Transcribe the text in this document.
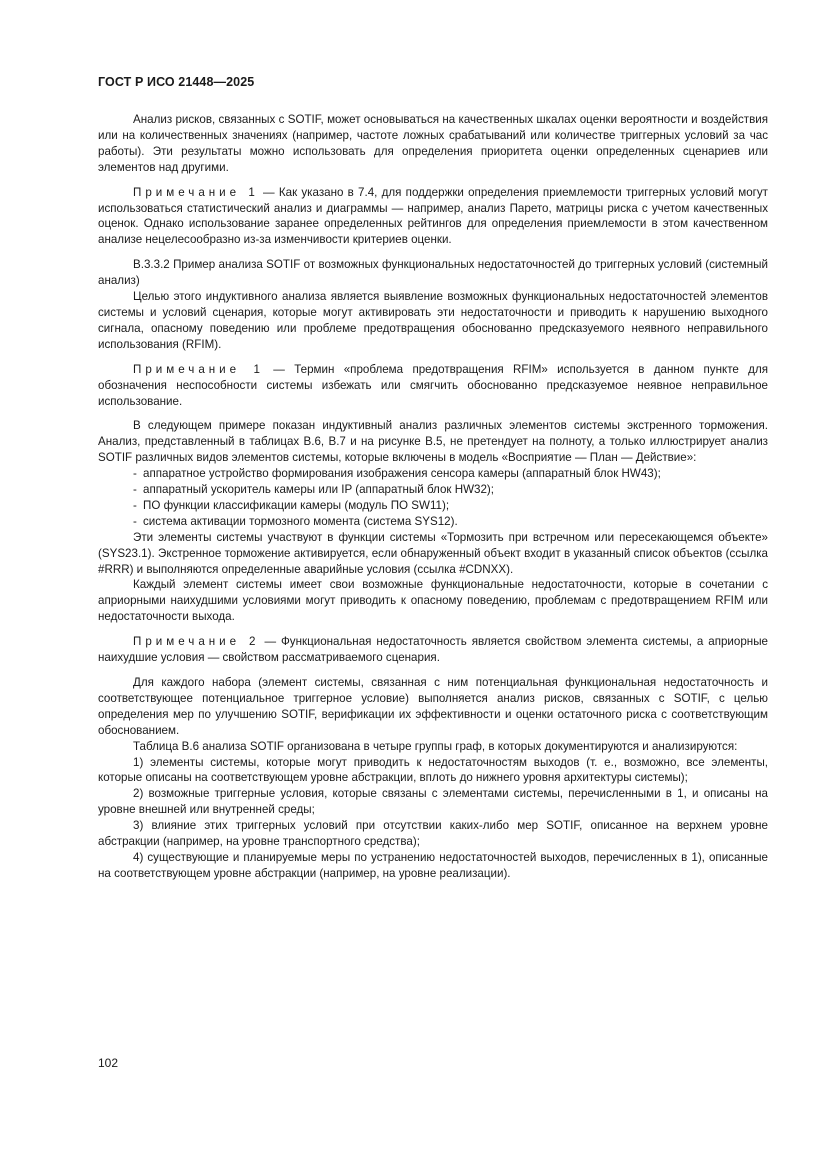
ГОСТ Р ИСО 21448—2025

Анализ рисков, связанных с SOTIF, может основываться на качественных шкалах оценки вероятности и воздействия или на количественных значениях (например, частоте ложных срабатываний или количестве триггерных условий за час работы). Эти результаты можно использовать для определения приоритета оценки определенных сценариев или элементов над другими.

Примечание 1 — Как указано в 7.4, для поддержки определения приемлемости триггерных условий могут использоваться статистический анализ и диаграммы — например, анализ Парето, матрицы риска с учетом качественных оценок. Однако использование заранее определенных рейтингов для определения приемлемости в этом качественном анализе нецелесообразно из-за изменчивости критериев оценки.

B.3.3.2 Пример анализа SOTIF от возможных функциональных недостаточностей до триггерных условий (системный анализ)

Целью этого индуктивного анализа является выявление возможных функциональных недостаточностей элементов системы и условий сценария, которые могут активировать эти недостаточности и приводить к нарушению выходного сигнала, опасному поведению или проблеме предотвращения обоснованно предсказуемого неявного неправильного использования (RFIM).

Примечание 1 — Термин «проблема предотвращения RFIM» используется в данном пункте для обозначения неспособности системы избежать или смягчить обоснованно предсказуемое неявное неправильное использование.

В следующем примере показан индуктивный анализ различных элементов системы экстренного торможения. Анализ, представленный в таблицах B.6, B.7 и на рисунке B.5, не претендует на полноту, а только иллюстрирует анализ SOTIF различных видов элементов системы, которые включены в модель «Восприятие — План — Действие»:

- аппаратное устройство формирования изображения сенсора камеры (аппаратный блок HW43);
- аппаратный ускоритель камеры или IP (аппаратный блок HW32);
- ПО функции классификации камеры (модуль ПО SW11);
- система активации тормозного момента (система SYS12).

Эти элементы системы участвуют в функции системы «Тормозить при встречном или пересекающемся объекте» (SYS23.1). Экстренное торможение активируется, если обнаруженный объект входит в указанный список объектов (ссылка #RRR) и выполняются определенные аварийные условия (ссылка #CDNXX).

Каждый элемент системы имеет свои возможные функциональные недостаточности, которые в сочетании с априорными наихудшими условиями могут приводить к опасному поведению, проблемам с предотвращением RFIM или недостаточности выхода.

Примечание 2 — Функциональная недостаточность является свойством элемента системы, а априорные наихудшие условия — свойством рассматриваемого сценария.

Для каждого набора (элемент системы, связанная с ним потенциальная функциональная недостаточность и соответствующее потенциальное триггерное условие) выполняется анализ рисков, связанных с SOTIF, с целью определения мер по улучшению SOTIF, верификации их эффективности и оценки остаточного риска с соответствующим обоснованием.

Таблица B.6 анализа SOTIF организована в четыре группы граф, в которых документируются и анализируются:

1) элементы системы, которые могут приводить к недостаточностям выходов (т. е., возможно, все элементы, которые описаны на соответствующем уровне абстракции, вплоть до нижнего уровня архитектуры системы);

2) возможные триггерные условия, которые связаны с элементами системы, перечисленными в 1, и описаны на уровне внешней или внутренней среды;

3) влияние этих триггерных условий при отсутствии каких-либо мер SOTIF, описанное на верхнем уровне абстракции (например, на уровне транспортного средства);

4) существующие и планируемые меры по устранению недостаточностей выходов, перечисленных в 1), описанные на соответствующем уровне абстракции (например, на уровне реализации).

102
